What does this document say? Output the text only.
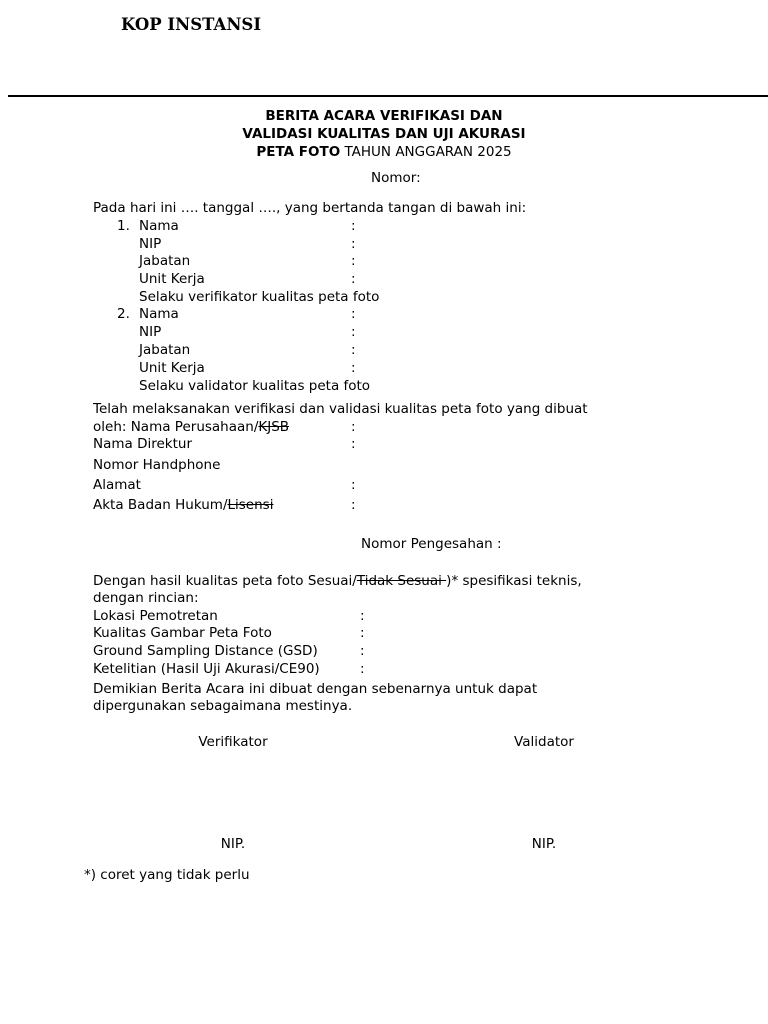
KOP INSTANSI
BERITA ACARA VERIFIKASI DAN
VALIDASI KUALITAS DAN UJI AKURASI
PETA FOTO TAHUN ANGGARAN 2025
Nomor:
Pada hari ini …. tanggal …., yang bertanda tangan di bawah ini:
1. Nama	:
NIP	:
Jabatan	:
Unit Kerja	:
Selaku verifikator kualitas peta foto
2. Nama	:
NIP	:
Jabatan	:
Unit Kerja	:
Selaku validator kualitas peta foto
Telah melaksanakan verifikasi dan validasi kualitas peta foto yang dibuat
oleh: Nama Perusahaan/KJSB	:
Nama Direktur	:
Nomor Handphone
Alamat	:
Akta Badan Hukum/Lisensi	:
Nomor Pengesahan :
Dengan hasil kualitas peta foto Sesuai/Tidak Sesuai )* spesifikasi teknis,
dengan rincian:
Lokasi Pemotretan	:
Kualitas Gambar Peta Foto	:
Ground Sampling Distance (GSD)	:
Ketelitian (Hasil Uji Akurasi/CE90)	:
Demikian Berita Acara ini dibuat dengan sebenarnya untuk dapat
dipergunakan sebagaimana mestinya.
Verifikator	Validator
NIP.	NIP.
*) coret yang tidak perlu
